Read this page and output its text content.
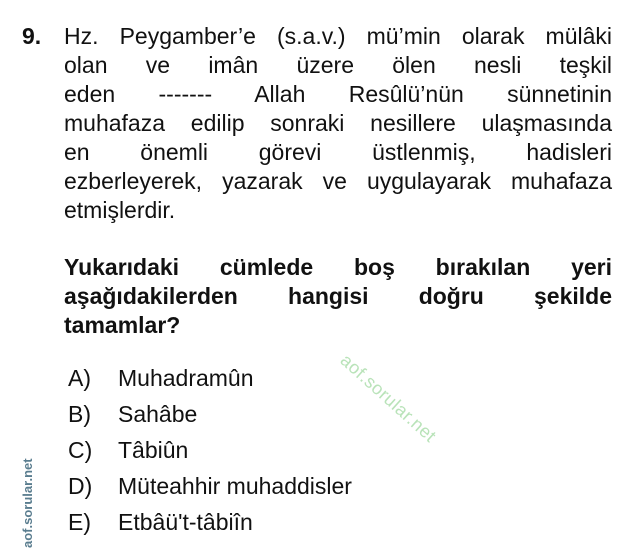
9. Hz. Peygamber’e (s.a.v.) mü’min olarak mülâki
olan ve imân üzere ölen nesli teşkil
eden ------- Allah Resûlü’nün sünnetinin
muhafaza edilip sonraki nesillere ulaşmasında
en önemli görevi üstlenmiş, hadisleri
ezberleyerek, yazarak ve uygulayarak muhafaza
etmişlerdir.
Yukarıdaki cümlede boş bırakılan yeri
aşağıdakilerden hangisi doğru şekilde
tamamlar?
A)	Muhadramûn
B)	Sahâbe
C)	Tâbiûn
D)	Müteahhir muhaddisler
E)	Etbâü't-tâbiîn
aof.sorular.net
aof.sorular.net
